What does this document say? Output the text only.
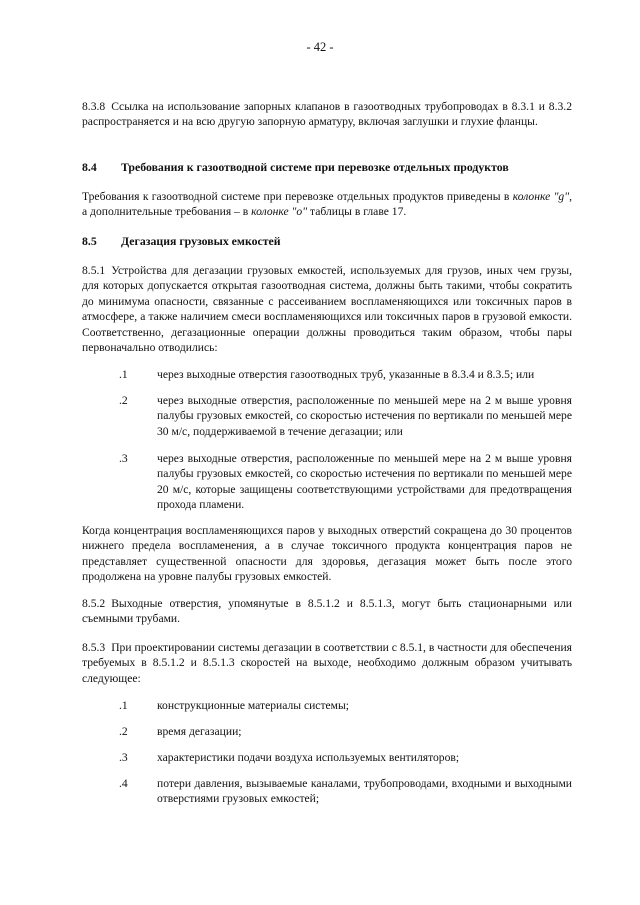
- 42 -
8.3.8 Ссылка на использование запорных клапанов в газоотводных трубопроводах в 8.3.1 и 8.3.2 распространяется и на всю другую запорную арматуру, включая заглушки и глухие фланцы.
8.4 Требования к газоотводной системе при перевозке отдельных продуктов
Требования к газоотводной системе при перевозке отдельных продуктов приведены в колонке "g", а дополнительные требования – в колонке "o" таблицы в главе 17.
8.5 Дегазация грузовых емкостей
8.5.1 Устройства для дегазации грузовых емкостей, используемых для грузов, иных чем грузы, для которых допускается открытая газоотводная система, должны быть такими, чтобы сократить до минимума опасности, связанные с рассеиванием воспламеняющихся или токсичных паров в атмосфере, а также наличием смеси воспламеняющихся или токсичных паров в грузовой емкости. Соответственно, дегазационные операции должны проводиться таким образом, чтобы пары первоначально отводились:
.1	через выходные отверстия газоотводных труб, указанные в 8.3.4 и 8.3.5; или
.2	через выходные отверстия, расположенные по меньшей мере на 2 м выше уровня палубы грузовых емкостей, со скоростью истечения по вертикали по меньшей мере 30 м/с, поддерживаемой в течение дегазации; или
.3	через выходные отверстия, расположенные по меньшей мере на 2 м выше уровня палубы грузовых емкостей, со скоростью истечения по вертикали по меньшей мере 20 м/с, которые защищены соответствующими устройствами для предотвращения прохода пламени.
Когда концентрация воспламеняющихся паров у выходных отверстий сокращена до 30 процентов нижнего предела воспламенения, а в случае токсичного продукта концентрация паров не представляет существенной опасности для здоровья, дегазация может быть после этого продолжена на уровне палубы грузовых емкостей.
8.5.2 Выходные отверстия, упомянутые в 8.5.1.2 и 8.5.1.3, могут быть стационарными или съемными трубами.
8.5.3 При проектировании системы дегазации в соответствии с 8.5.1, в частности для обеспечения требуемых в 8.5.1.2 и 8.5.1.3 скоростей на выходе, необходимо должным образом учитывать следующее:
.1	конструкционные материалы системы;
.2	время дегазации;
.3	характеристики подачи воздуха используемых вентиляторов;
.4	потери давления, вызываемые каналами, трубопроводами, входными и выходными отверстиями грузовых емкостей;
